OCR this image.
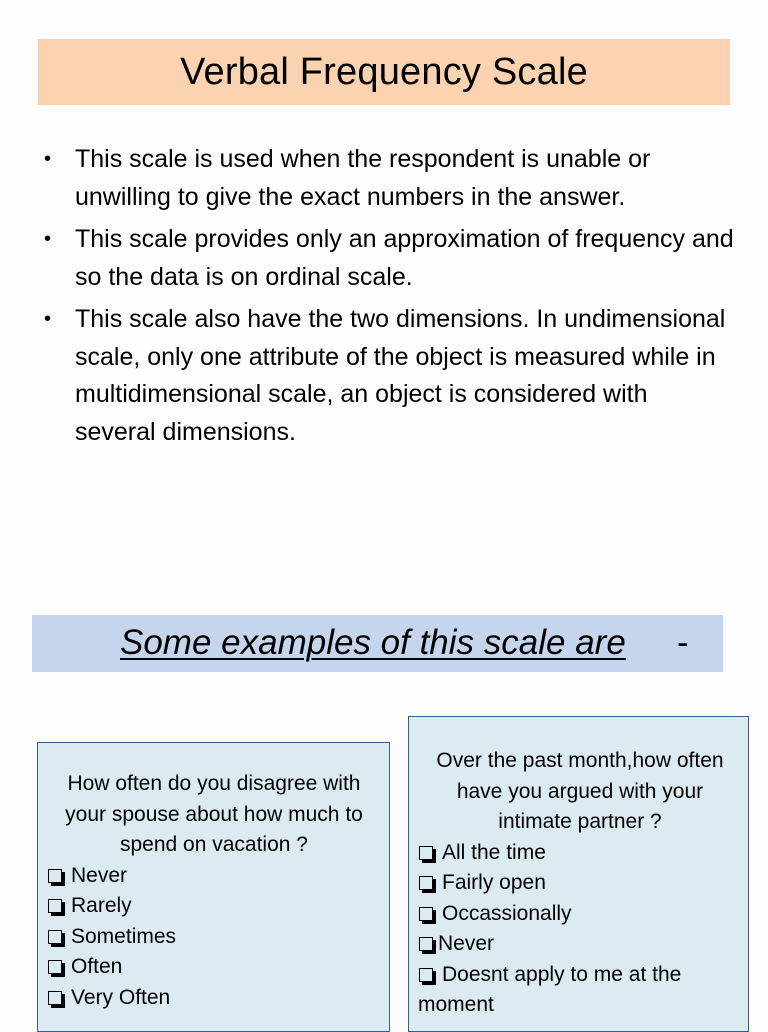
Verbal Frequency Scale
• This scale is used when the respondent is unable or unwilling to give the exact numbers in the answer.
• This scale provides only an approximation of frequency and so the data is on ordinal scale.
• This scale also have the two dimensions. In undimensional scale, only one attribute of the object is measured while in multidimensional scale, an object is considered with several dimensions.
Some examples of this scale are -
How often do you disagree with your spouse about how much to spend on vacation ?
Never
Rarely
Sometimes
Often
Very Often
Over the past month,how often have you argued with your intimate partner ?
All the time
Fairly open
Occassionally
Never
Doesnt apply to me at the moment
